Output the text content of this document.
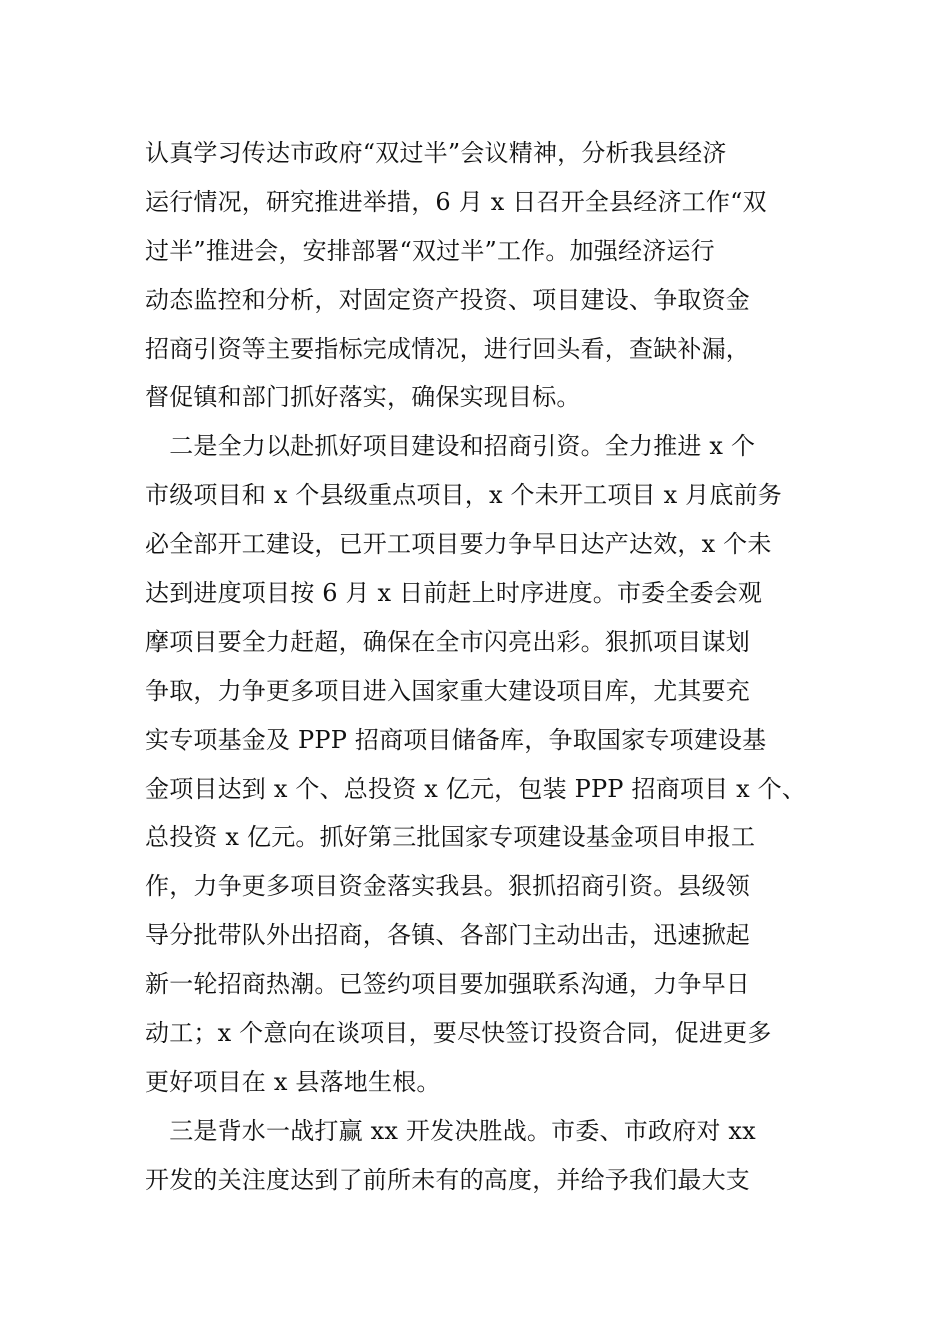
认真学习传达市政府“双过半”会议精神，分析我县经济
运行情况，研究推进举措，6 月 x 日召开全县经济工作“双
过半”推进会，安排部署“双过半”工作。加强经济运行
动态监控和分析，对固定资产投资、项目建设、争取资金
招商引资等主要指标完成情况，进行回头看，查缺补漏，
督促镇和部门抓好落实，确保实现目标。
　二是全力以赴抓好项目建设和招商引资。全力推进 x 个
市级项目和 x 个县级重点项目，x 个未开工项目 x 月底前务
必全部开工建设，已开工项目要力争早日达产达效，x 个未
达到进度项目按 6 月 x 日前赶上时序进度。市委全委会观
摩项目要全力赶超，确保在全市闪亮出彩。狠抓项目谋划
争取，力争更多项目进入国家重大建设项目库，尤其要充
实专项基金及 PPP 招商项目储备库，争取国家专项建设基
金项目达到 x 个、总投资 x 亿元，包装 PPP 招商项目 x 个、
总投资 x 亿元。抓好第三批国家专项建设基金项目申报工
作，力争更多项目资金落实我县。狠抓招商引资。县级领
导分批带队外出招商，各镇、各部门主动出击，迅速掀起
新一轮招商热潮。已签约项目要加强联系沟通，力争早日
动工；x 个意向在谈项目，要尽快签订投资合同，促进更多
更好项目在 x 县落地生根。
　三是背水一战打赢 xx 开发决胜战。市委、市政府对 xx
开发的关注度达到了前所未有的高度，并给予我们最大支
